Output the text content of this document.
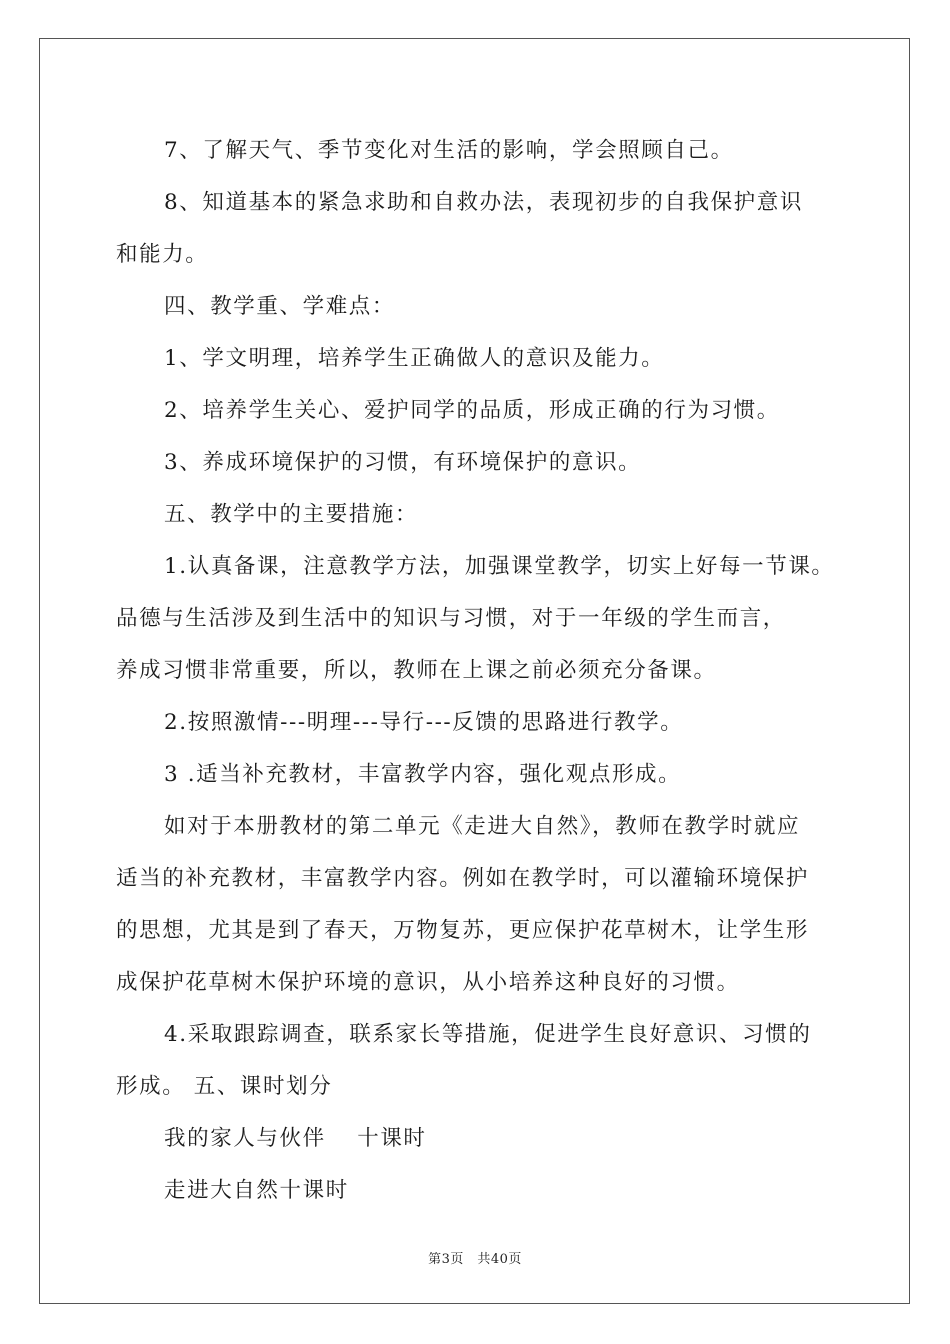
7、了解天气、季节变化对生活的影响，学会照顾自己。

8、知道基本的紧急求助和自救办法，表现初步的自我保护意识

和能力。

四、教学重、学难点：

1、学文明理，培养学生正确做人的意识及能力。

2、培养学生关心、爱护同学的品质，形成正确的行为习惯。

3、养成环境保护的习惯，有环境保护的意识。

五、教学中的主要措施：

1.认真备课，注意教学方法，加强课堂教学，切实上好每一节课。

品德与生活涉及到生活中的知识与习惯，对于一年级的学生而言，

养成习惯非常重要，所以，教师在上课之前必须充分备课。

2.按照激情---明理---导行---反馈的思路进行教学。

3 .适当补充教材，丰富教学内容，强化观点形成。

如对于本册教材的第二单元《走进大自然》，教师在教学时就应

适当的补充教材，丰富教学内容。例如在教学时，可以灌输环境保护

的思想，尤其是到了春天，万物复苏，更应保护花草树木，让学生形

成保护花草树木保护环境的意识，从小培养这种良好的习惯。

4.采取跟踪调查，联系家长等措施，促进学生良好意识、习惯的

形成。 五、课时划分

我的家人与伙伴　 十课时

走进大自然十课时

第3页　共40页
